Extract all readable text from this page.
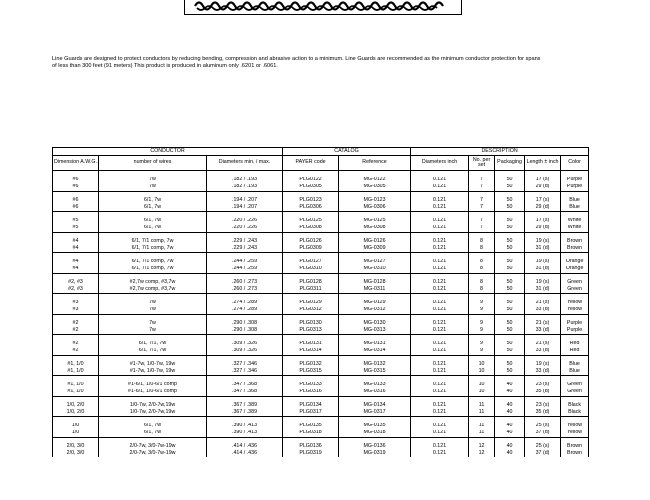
Line Guards are designed to protect conductors by reducing bending, compression and abrasive action to a minimum. Line Guards are recommended as the minimum conductor protection for spans
of less than 300 feet (91 meters) This product is produced in aluminum only .6201 or .6061.
CONDUCTOR			CATALOG		DESCRIPTION				
Dimension A.W.G.	number of wires	Diameters min. / max.	PAYER code	Reference	Diameters inch	No. per set	Packaging	Length ± inch	Color

#6	7w	.182 / .193	PLG0122	MG-0122	0.121	7	50	17 (s)	Purple
#6	7w	.182 / .193	PLG0305	MG-0305	0.121	7	50	29 (d)	Purple

#6	6/1, 7w	.194 / .207	PLG0123	MG-0123	0.121	7	50	17 (s)	Blue
#6	6/1, 7w	.194 / .207	PLG0306	MG-0306	0.121	7	50	29 (d)	Blue

#5	6/1, 7w	.220 / .226	PLG0125	MG-0125	0.121	7	50	17 (s)	White
#5	6/1, 7w	.220 / .226	PLG0308	MG-0308	0.121	7	50	29 (d)	White

#4	6/1, 7/1 comp, 7w	.229 / .243	PLG0126	MG-0126	0.121	8	50	19 (s)	Brown
#4	6/1, 7/1 comp, 7w	.229 / .243	PLG0309	MG-0309	0.121	8	50	31 (d)	Brown

#4	6/1, 7/1 comp, 7w	.244 / .259	PLG0127	MG-0127	0.121	8	50	19 (s)	Orange
#4	6/1, 7/1 comp, 7w	.244 / .259	PLG0310	MG-0310	0.121	8	50	31 (d)	Orange

#2, #3	#2,7w comp, #3,7w	.260 / .273	PLG0128	MG-0128	0.121	8	50	19 (s)	Green
#2, #3	#2,7w comp, #3,7w	.260 / .273	PLG0311	MG-0311	0.121	8	50	31 (d)	Green

#3	7w	.274 / .289	PLG0129	MG-0129	0.121	9	50	21 (s)	Yellow
#3	7w	.274 / .289	PLG0312	MG-0312	0.121	9	50	33 (d)	Yellow

#2	7w	.290 / .308	PLG0130	MG-0130	0.121	9	50	21 (s)	Purple
#2	7w	.290 / .308	PLG0313	MG-0313	0.121	9	50	33 (d)	Purple

#2	6/1, 7/1, 7w	.309 / .326	PLG0131	MG-0131	0.121	9	50	21 (s)	Red
#2	6/1, 7/1, 7w	.309 / .326	PLG0314	MG-0314	0.121	9	50	33 (d)	Red

#1, 1/0	#1-7w, 1/0-7w, 19w	.327 / .346	PLG0132	MG-0132	0.121	10	50	19 (s)	Blue
#1, 1/0	#1-7w, 1/0-7w, 19w	.327 / .346	PLG0315	MG-0315	0.121	10	50	33 (d)	Blue

#1, 1/0	#1-6/1, 1/0-6/1 comp	.347 / .368	PLG0133	MG-0133	0.121	10	40	23 (s)	Green
#1, 1/0	#1-6/1, 1/0-6/1 comp	.347 / .368	PLG0316	MG-0316	0.121	10	40	35 (d)	Green

1/0, 2/0	1/0-7w, 2/0-7w,19w	.367 / .389	PLG0134	MG-0134	0.121	11	40	23 (s)	Black
1/0, 2/0	1/0-7w, 2/0-7w,19w	.367 / .389	PLG0317	MG-0317	0.121	11	40	35 (d)	Black

1/0	6/1, 7w	.390 / .413	PLG0135	MG-0135	0.121	11	40	25 (s)	Yellow
1/0	6/1, 7w	.390 / .413	PLG0318	MG-0318	0.121	11	40	37 (d)	Yellow

2/0, 3/0	2/0-7w, 3/0-7w-19w	.414 / .436	PLG0136	MG-0136	0.121	12	40	25 (s)	Brown
2/0, 3/0	2/0-7w, 3/0-7w-19w	.414 / .436	PLG0319	MG-0319	0.121	12	40	37 (d)	Brown
